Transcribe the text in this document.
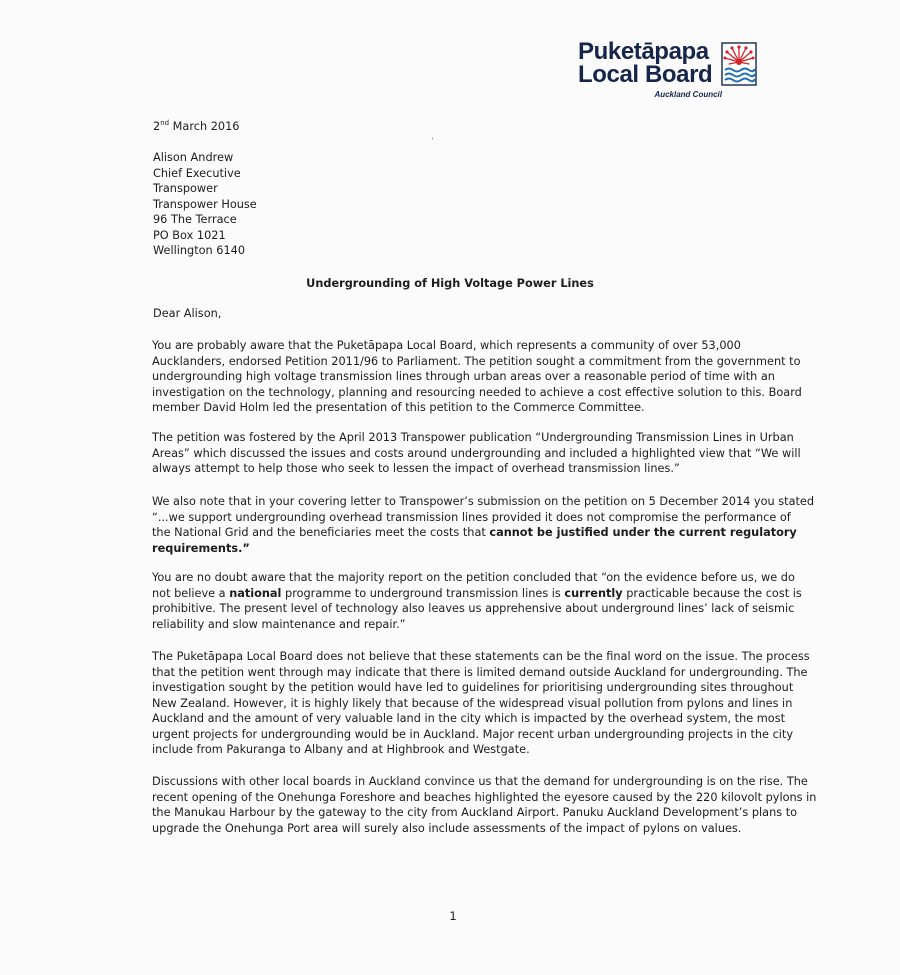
Puketāpapa
Local Board
Auckland Council
2nd March 2016
Alison Andrew
Chief Executive
Transpower
Transpower House
96 The Terrace
PO Box 1021
Wellington 6140
Undergrounding of High Voltage Power Lines
Dear Alison,
You are probably aware that the Puketāpapa Local Board, which represents a community of over 53,000
Aucklanders, endorsed Petition 2011/96 to Parliament. The petition sought a commitment from the government to
undergrounding high voltage transmission lines through urban areas over a reasonable period of time with an
investigation on the technology, planning and resourcing needed to achieve a cost effective solution to this. Board
member David Holm led the presentation of this petition to the Commerce Committee.
The petition was fostered by the April 2013 Transpower publication “Undergrounding Transmission Lines in Urban
Areas” which discussed the issues and costs around undergrounding and included a highlighted view that “We will
always attempt to help those who seek to lessen the impact of overhead transmission lines.”
We also note that in your covering letter to Transpower’s submission on the petition on 5 December 2014 you stated
“...we support undergrounding overhead transmission lines provided it does not compromise the performance of
the National Grid and the beneficiaries meet the costs that cannot be justified under the current regulatory
requirements.”
You are no doubt aware that the majority report on the petition concluded that “on the evidence before us, we do
not believe a national programme to underground transmission lines is currently practicable because the cost is
prohibitive. The present level of technology also leaves us apprehensive about underground lines’ lack of seismic
reliability and slow maintenance and repair.”
The Puketāpapa Local Board does not believe that these statements can be the final word on the issue. The process
that the petition went through may indicate that there is limited demand outside Auckland for undergrounding. The
investigation sought by the petition would have led to guidelines for prioritising undergrounding sites throughout
New Zealand. However, it is highly likely that because of the widespread visual pollution from pylons and lines in
Auckland and the amount of very valuable land in the city which is impacted by the overhead system, the most
urgent projects for undergrounding would be in Auckland. Major recent urban undergrounding projects in the city
include from Pakuranga to Albany and at Highbrook and Westgate.
Discussions with other local boards in Auckland convince us that the demand for undergrounding is on the rise. The
recent opening of the Onehunga Foreshore and beaches highlighted the eyesore caused by the 220 kilovolt pylons in
the Manukau Harbour by the gateway to the city from Auckland Airport. Panuku Auckland Development’s plans to
upgrade the Onehunga Port area will surely also include assessments of the impact of pylons on values.
1
